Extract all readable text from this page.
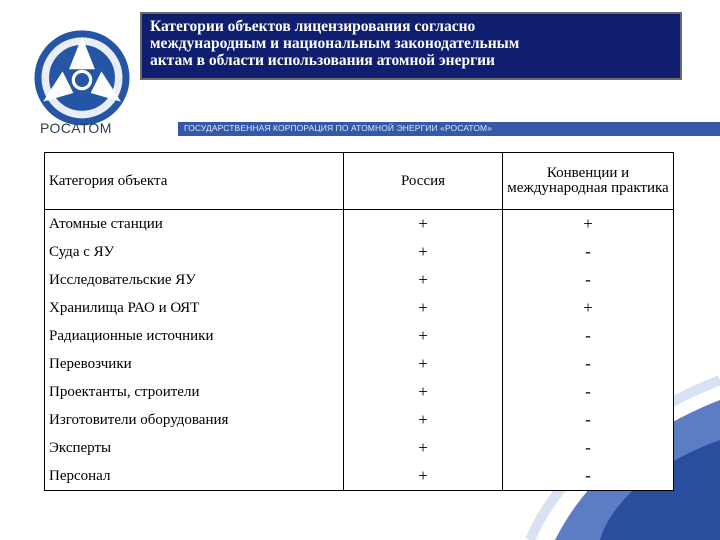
РОСАТОМ
Категории объектов лицензирования согласно
международным и национальным законодательным
актам в области использования атомной энергии
ГОСУДАРСТВЕННАЯ КОРПОРАЦИЯ ПО АТОМНОЙ ЭНЕРГИИ «РОСАТОМ»
Категория объекта	Россия	Конвенции и международная практика
Атомные станции	+	+
Суда с ЯУ	+	-
Исследовательские ЯУ	+	-
Хранилища РАО и ОЯТ	+	+
Радиационные источники	+	-
Перевозчики	+	-
Проектанты, строители	+	-
Изготовители оборудования	+	-
Эксперты	+	-
Персонал	+	-
